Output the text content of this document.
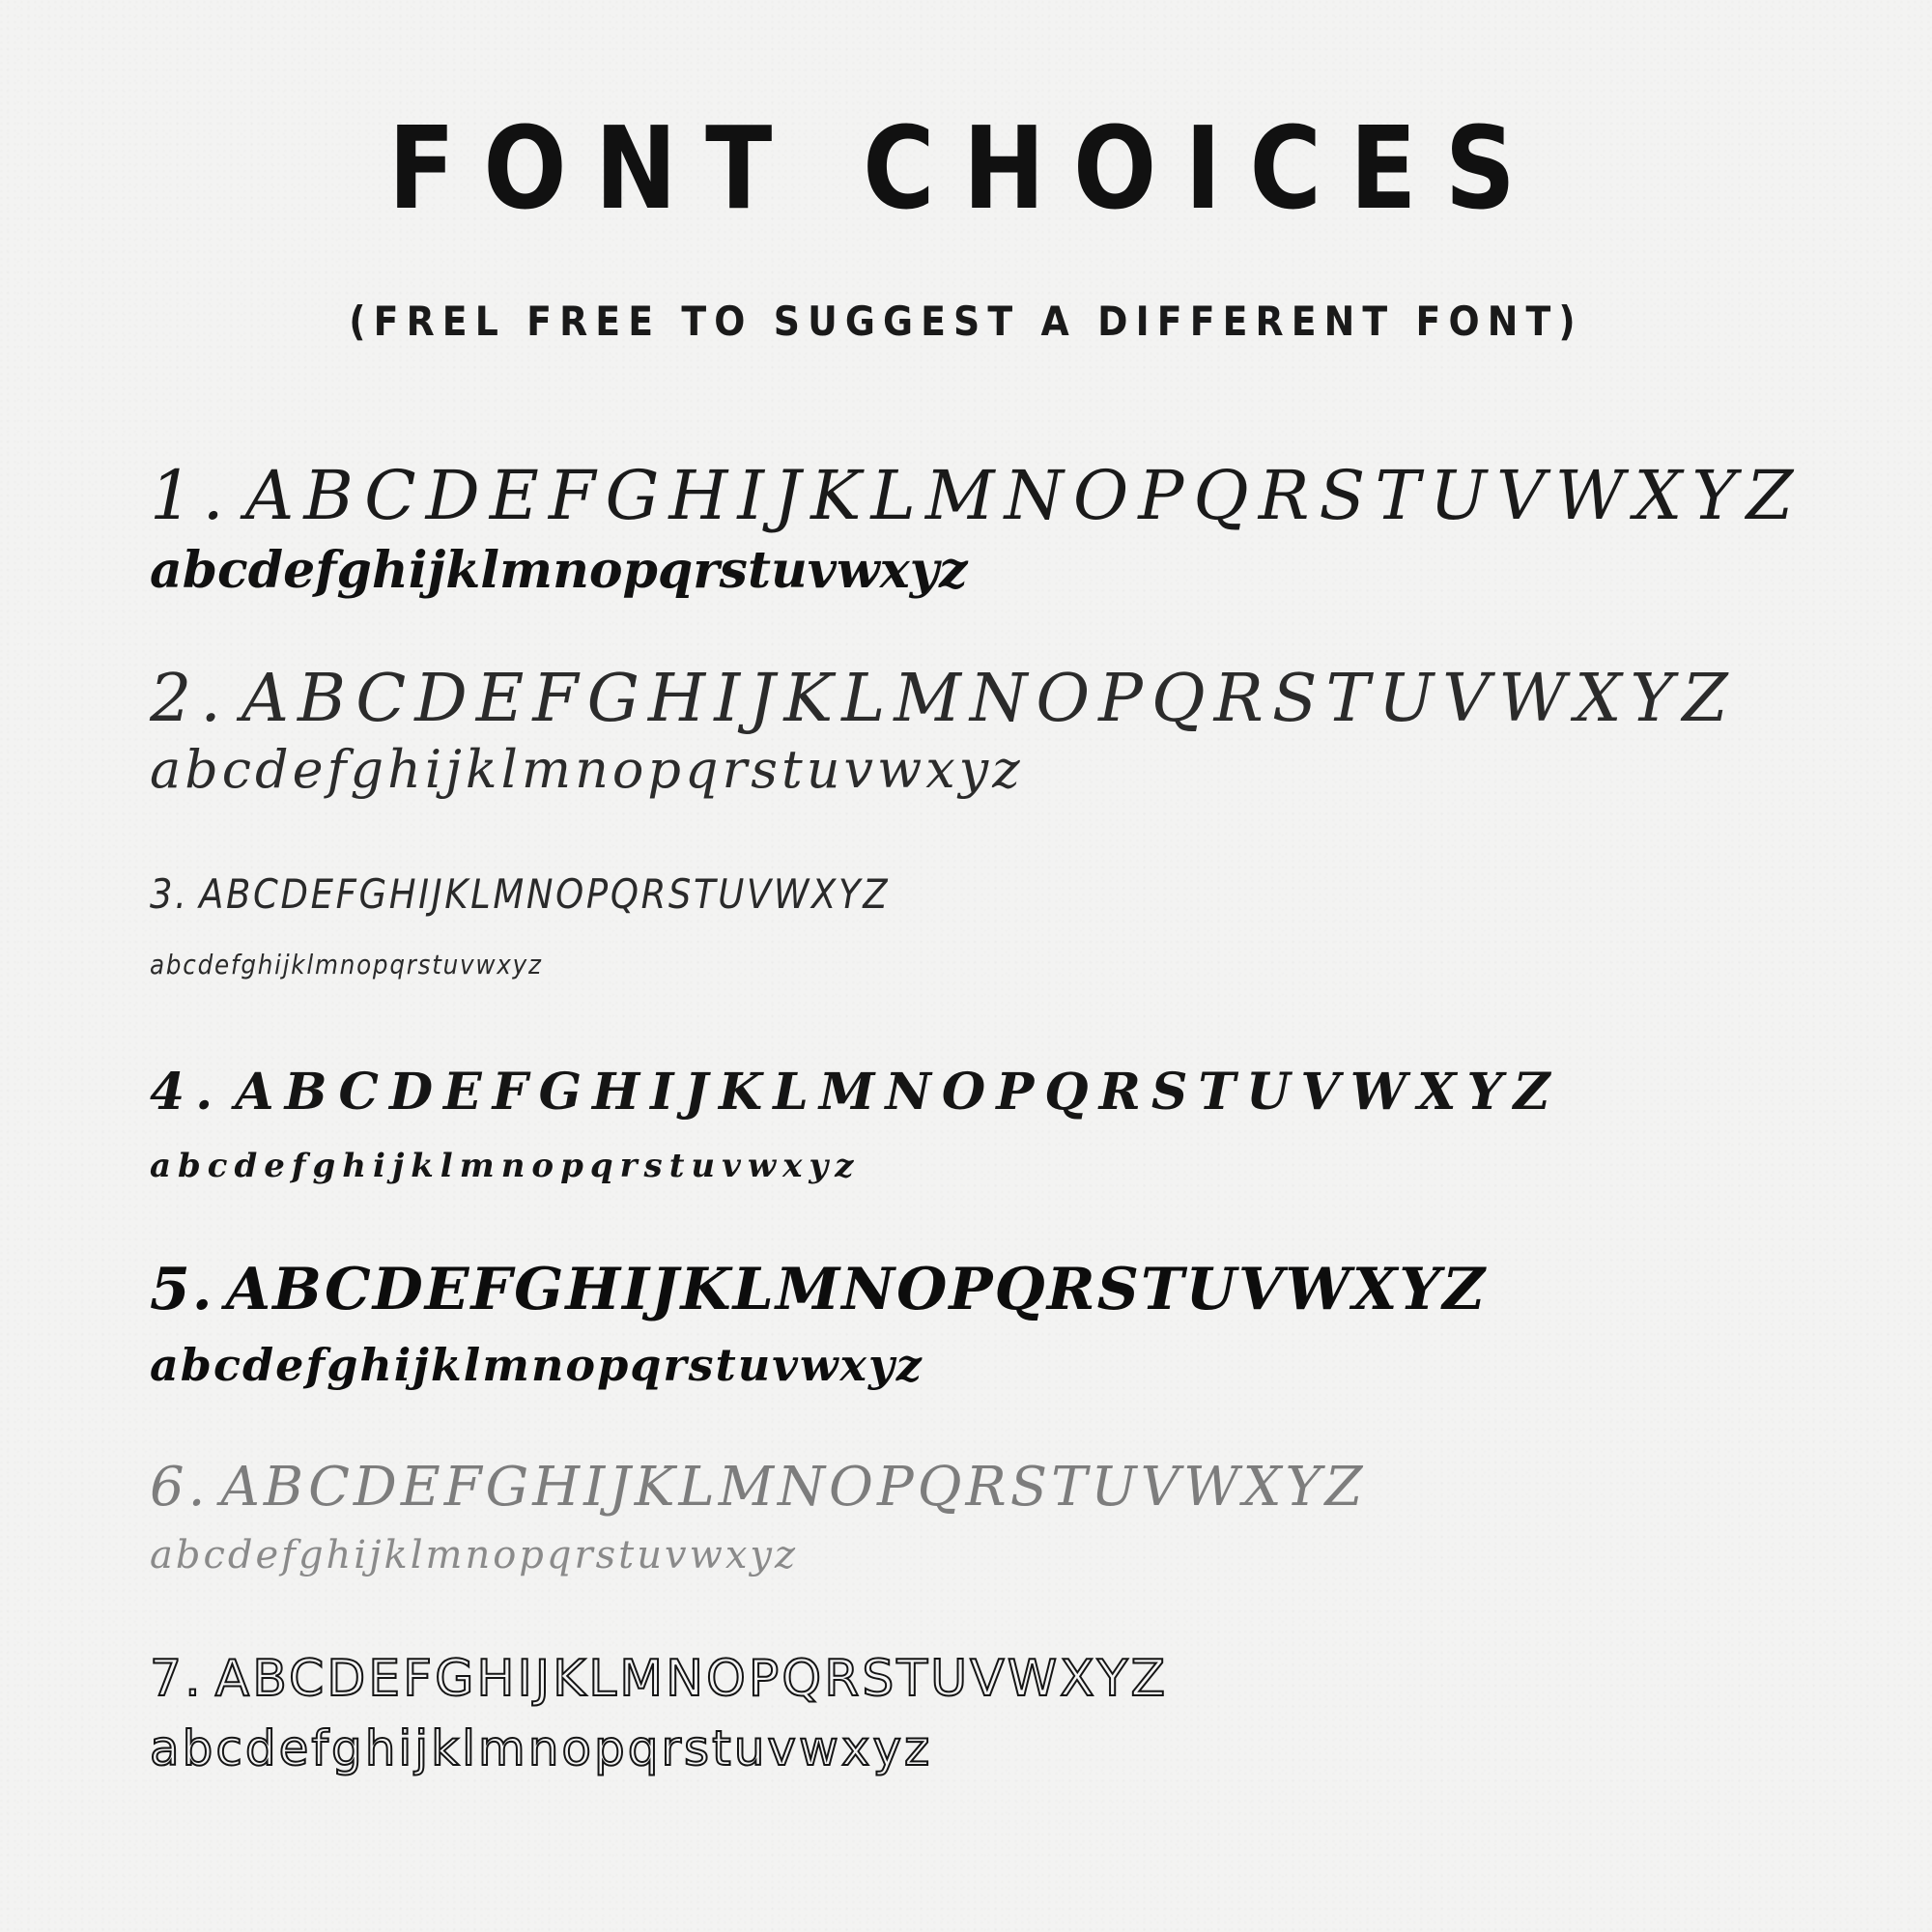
FONT CHOICES
(FREL FREE TO SUGGEST A DIFFERENT FONT)
1. ABCDEFGHIJKLMNOPQRSTUVWXYZ
abcdefghijklmnopqrstuvwxyz
2. ABCDEFGHIJKLMNOPQRSTUVWXYZ
abcdefghijklmnopqrstuvwxyz
3. ABCDEFGHIJKLMNOPQRSTUVWXYZ
abcdefghijklmnopqrstuvwxyz
4. ABCDEFGHIJKLMNOPQRSTUVWXYZ
abcdefghijklmnopqrstuvwxyz
5. ABCDEFGHIJKLMNOPQRSTUVWXYZ
abcdefghijklmnopqrstuvwxyz
6. ABCDEFGHIJKLMNOPQRSTUVWXYZ
abcdefghijklmnopqrstuvwxyz
7. ABCDEFGHIJKLMNOPQRSTUVWXYZ
abcdefghijklmnopqrstuvwxyz
